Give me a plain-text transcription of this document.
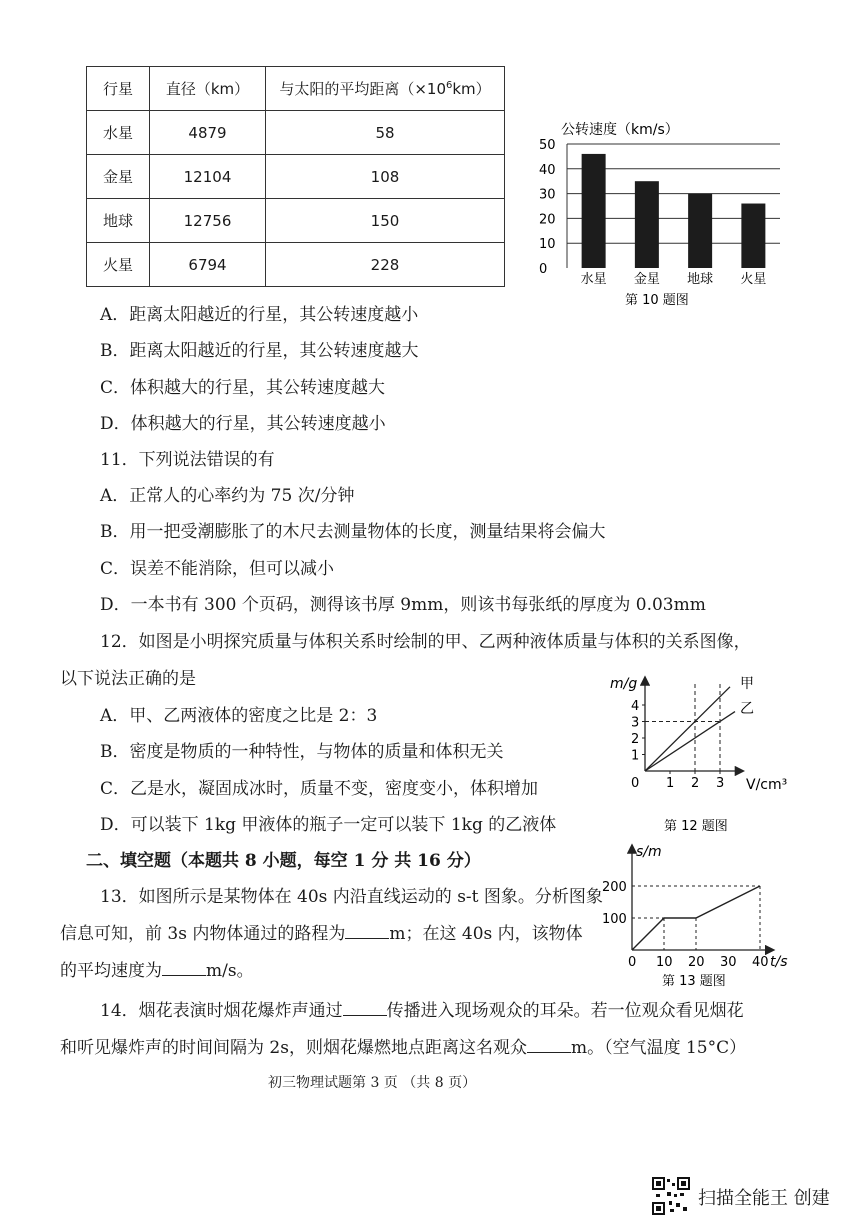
行星	直径（km）	与太阳的平均距离$(\times 10^6km)$
水星	4879	58
金星	12104	108
地球	12756	150
火星	6794	228
公转速度（km/s）
0
10
20
30
40
50
水星 金星 地球 火星
第 10 题图
A．距离太阳越近的行星，其公转速度越小
B．距离太阳越近的行星，其公转速度越大
C．体积越大的行星，其公转速度越大
D．体积越大的行星，其公转速度越小
11．下列说法错误的有
A．正常人的心率约为 75 次/分钟
B．用一把受潮膨胀了的木尺去测量物体的长度，测量结果将会偏大
C．误差不能消除，但可以减小
D．一本书有 300 个页码，测得该书厚 9mm，则该书每张纸的厚度为 0.03mm
12．如图是小明探究质量与体积关系时绘制的甲、乙两种液体质量与体积的关系图像，
以下说法正确的是
A．甲、乙两液体的密度之比是 2：3
B．密度是物质的一种特性，与物体的质量和体积无关
C．乙是水，凝固成冰时，质量不变，密度变小，体积增加
D．可以装下 1kg 甲液体的瓶子一定可以装下 1kg 的乙液体
1
2
3
4
0 1 2 3
m/g
V/cm³
甲
乙
第 12 题图
二、填空题（本题共 8 小题，每空 1 分 共 16 分）
13．如图所示是某物体在 40s 内沿直线运动的 s-t 图象。分析图象
信息可知，前 3s 内物体通过的路程为	m；在这 40s 内，该物体
的平均速度为	m/s。
100
200
0 10 20 30 40
s/m
t/s
第 13 题图
14．烟花表演时烟花爆炸声通过	传播进入现场观众的耳朵。若一位观众看见烟花
和听见爆炸声的时间间隔为 2s，则烟花爆燃地点距离这名观众	m。（空气温度 15°C）
初三物理试题第 3 页 （共 8 页）
扫描全能王 创建
